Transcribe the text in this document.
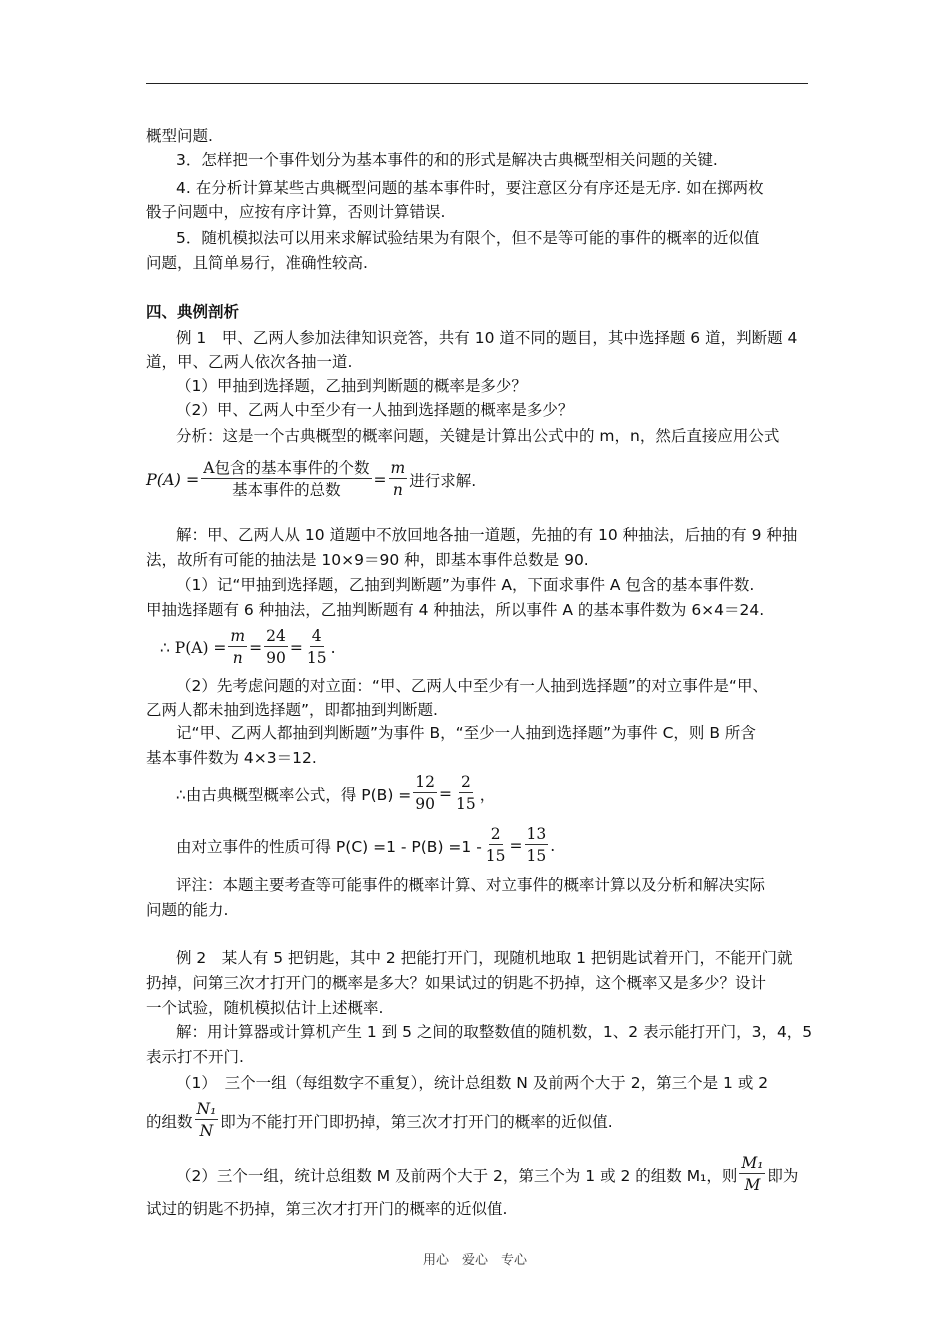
概型问题.
3．怎样把一个事件划分为基本事件的和的形式是解决古典概型相关问题的关键.
4. 在分析计算某些古典概型问题的基本事件时，要注意区分有序还是无序. 如在掷两枚
骰子问题中，应按有序计算，否则计算错误.
5．随机模拟法可以用来求解试验结果为有限个，但不是等可能的事件的概率的近似值
问题，且简单易行，准确性较高.
四、典例剖析
例 1　甲、乙两人参加法律知识竞答，共有 10 道不同的题目，其中选择题 6 道，判断题 4
道，甲、乙两人依次各抽一道.
（1）甲抽到选择题，乙抽到判断题的概率是多少？
（2）甲、乙两人中至少有一人抽到选择题的概率是多少？
分析：这是一个古典概型的概率问题，关键是计算出公式中的 m，n，然后直接应用公式
$P(A) = \frac{\text{A包含的基本事件的个数}}{\text{基本事件的总数}} = \frac{m}{n}$ 进行求解.
解：甲、乙两人从 10 道题中不放回地各抽一道题，先抽的有 10 种抽法，后抽的有 9 种抽
法，故所有可能的抽法是 10×9＝90 种，即基本事件总数是 90.
（1）记“甲抽到选择题，乙抽到判断题”为事件 A，下面求事件 A 包含的基本事件数.
甲抽选择题有 6 种抽法，乙抽判断题有 4 种抽法，所以事件 A 的基本事件数为 6×4＝24.
∴ $P(A) = \frac{m}{n} = \frac{24}{90} = \frac{4}{15}$ .
（2）先考虑问题的对立面：“甲、乙两人中至少有一人抽到选择题”的对立事件是“甲、
乙两人都未抽到选择题”，即都抽到判断题.
记“甲、乙两人都抽到判断题”为事件 B，“至少一人抽到选择题”为事件 C，则 B 所含
基本事件数为 4×3＝12.
∴由古典概型概率公式，得 $P(B) = \frac{12}{90} = \frac{2}{15}$ ，
由对立事件的性质可得 $P(C) =1 - P(B) =1 - \frac{2}{15} = \frac{13}{15}$ .
评注：本题主要考查等可能事件的概率计算、对立事件的概率计算以及分析和解决实际
问题的能力.
例 2　某人有 5 把钥匙，其中 2 把能打开门，现随机地取 1 把钥匙试着开门，不能开门就
扔掉，问第三次才打开门的概率是多大？如果试过的钥匙不扔掉，这个概率又是多少？设计
一个试验，随机模拟估计上述概率.
解：用计算器或计算机产生 1 到 5 之间的取整数值的随机数，1、2 表示能打开门，3，4，5
表示打不开门.
（1）　三个一组（每组数字不重复），统计总组数 N 及前两个大于 2，第三个是 1 或 2
的组数 $\frac{\text{N₁}}{N}$ 即为不能打开门即扔掉，第三次才打开门的概率的近似值.
（2）三个一组，统计总组数 M 及前两个大于 2，第三个为 1 或 2 的组数 M₁，则 $\frac{\text{M₁}}{M}$ 即为
试过的钥匙不扔掉，第三次才打开门的概率的近似值.
用心　爱心　专心
